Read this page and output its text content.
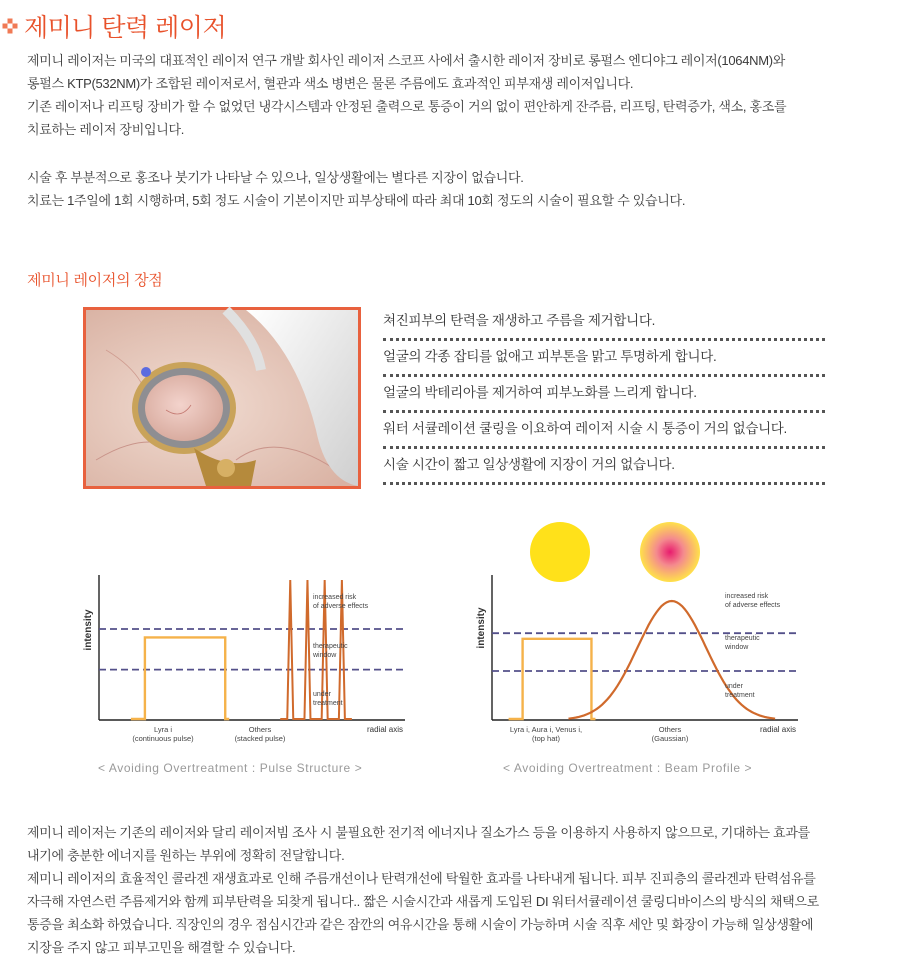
제미니 탄력 레이저

제미니 레이저는 미국의 대표적인 레이저 연구 개발 회사인 레이저 스코프 사에서 출시한 레이저 장비로 롱펄스 엔디야그 레이저(1064NM)와

롱펄스 KTP(532NM)가 조합된 레이저로서, 혈관과 색소 병변은 물론 주름에도 효과적인 피부재생 레이저입니다.

기존 레이저나 리프팅 장비가 할 수 없었던 냉각시스템과 안정된 출력으로 통증이 거의 없이 편안하게 잔주름, 리프팅, 탄력증가, 색소, 홍조를

치료하는 레이저 장비입니다.

시술 후 부분적으로 홍조나 붓기가 나타날 수 있으나, 일상생활에는 별다른 지장이 없습니다.

치료는 1주일에 1회 시행하며, 5회 정도 시술이 기본이지만 피부상태에 따라 최대 10회 정도의 시술이 필요할 수 있습니다.

제미니 레이저의 장점
쳐진피부의 탄력을 재생하고 주름을 제거합니다.
얼굴의 각종 잡티를 없애고 피부톤을 맑고 투명하게 합니다.
얼굴의 박테리아를 제거하여 피부노화를 느리게 합니다.
워터 서큘레이션 쿨링을 이요하여 레이저 시술 시 통증이 거의 없습니다.
시술 시간이 짧고 일상생활에 지장이 거의 없습니다.
intensity
radial axis
increased risk of adverse effects
therapeutic window
under treatment
Lyra i (continuous pulse)
Others (stacked pulse)
< Avoiding Overtreatment : Pulse Structure >
intensity
radial axis
increased risk of adverse effects
therapeutic window
under treatment
Lyra i, Aura i, Venus i, (top hat)
Others (Gaussian)
< Avoiding Overtreatment : Beam Profile >

제미니 레이저는 기존의 레이저와 달리 레이저빔 조사 시 불필요한 전기적 에너지나 질소가스 등을 이용하지 사용하지 않으므로, 기대하는 효과를

내기에 충분한 에너지를 원하는 부위에 정확히 전달합니다.

제미니 레이저의 효율적인 콜라겐 재생효과로 인해 주름개선이나 탄력개선에 탁월한 효과를 나타내게 됩니다. 피부 진피층의 콜라겐과 탄력섬유를

자극해 자연스런 주름제거와 함께 피부탄력을 되찾게 됩니다.. 짧은 시술시간과 새롭게 도입된 DI 워터서큘레이션 쿨링디바이스의 방식의 채택으로

통증을 최소화 하였습니다. 직장인의 경우 점심시간과 같은 잠깐의 여유시간을 통해 시술이 가능하며 시술 직후 세안 및 화장이 가능해 일상생활에

지장을 주지 않고 피부고민을 해결할 수 있습니다.
